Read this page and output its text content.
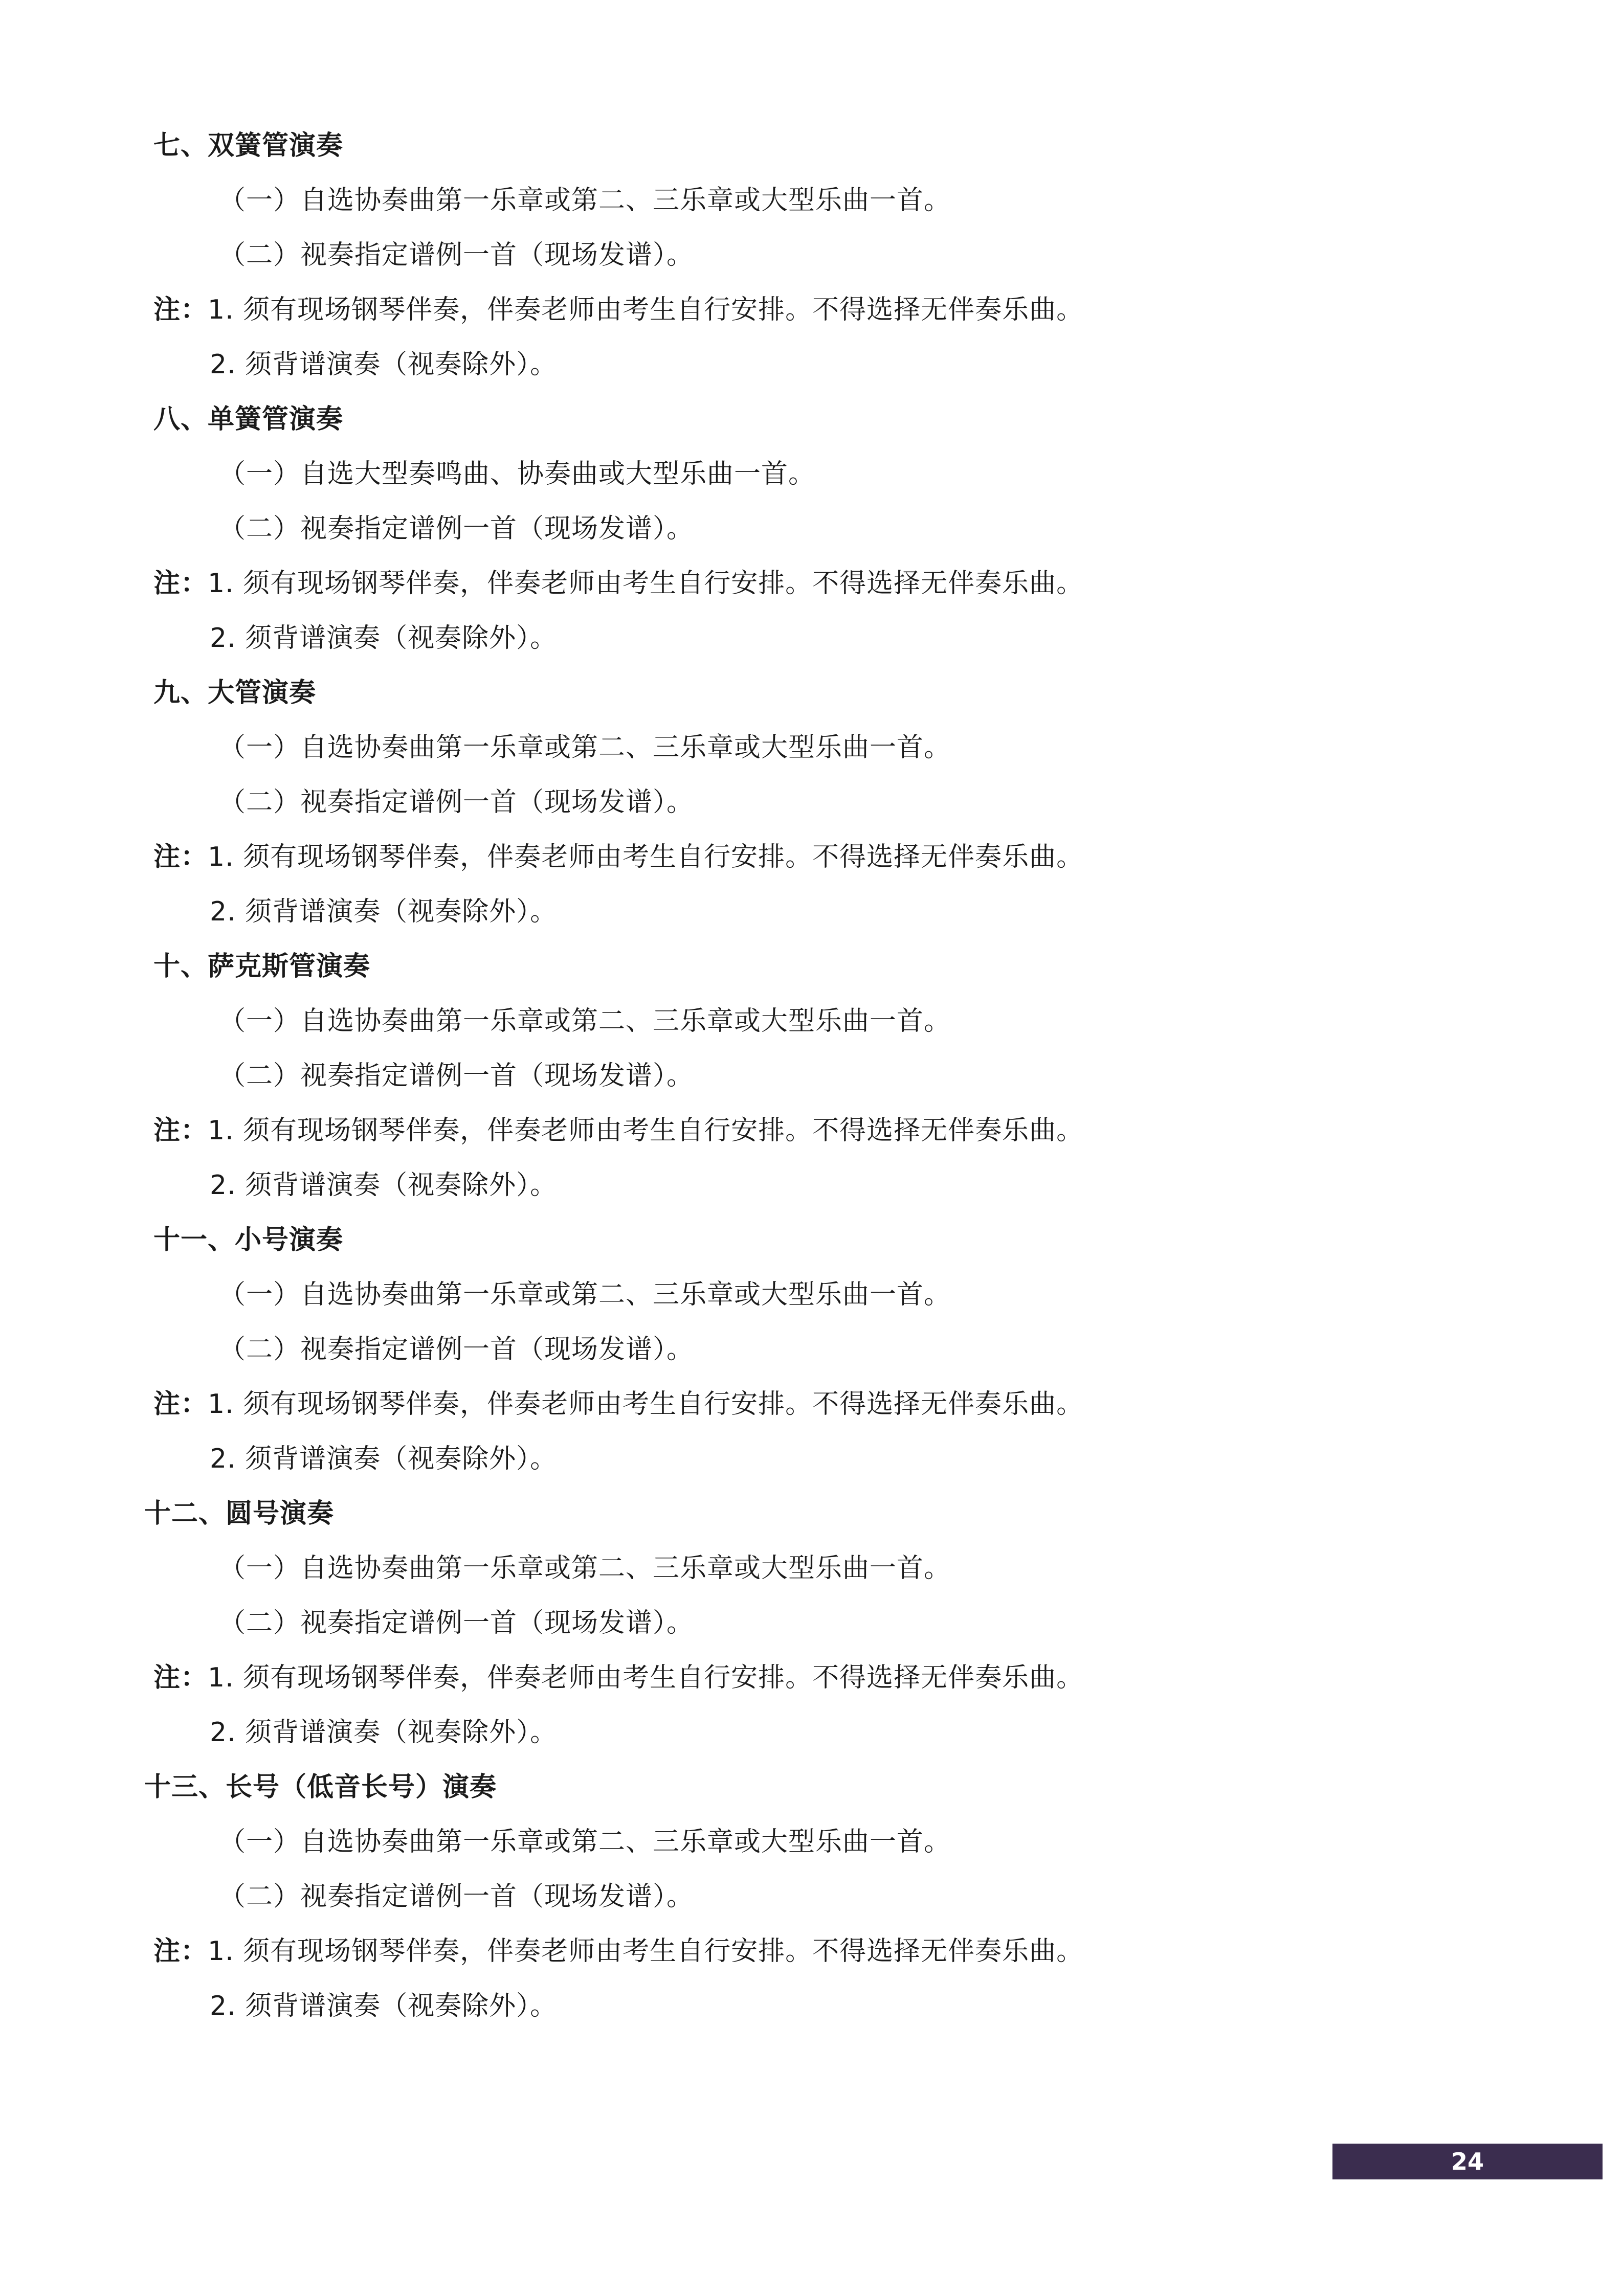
七、双簧管演奏
（一）自选协奏曲第一乐章或第二、三乐章或大型乐曲一首。
（二）视奏指定谱例一首（现场发谱）。
注：1. 须有现场钢琴伴奏，伴奏老师由考生自行安排。不得选择无伴奏乐曲。
2. 须背谱演奏（视奏除外）。
八、单簧管演奏
（一）自选大型奏鸣曲、协奏曲或大型乐曲一首。
（二）视奏指定谱例一首（现场发谱）。
注：1. 须有现场钢琴伴奏，伴奏老师由考生自行安排。不得选择无伴奏乐曲。
2. 须背谱演奏（视奏除外）。
九、大管演奏
（一）自选协奏曲第一乐章或第二、三乐章或大型乐曲一首。
（二）视奏指定谱例一首（现场发谱）。
注：1. 须有现场钢琴伴奏，伴奏老师由考生自行安排。不得选择无伴奏乐曲。
2. 须背谱演奏（视奏除外）。
十、萨克斯管演奏
（一）自选协奏曲第一乐章或第二、三乐章或大型乐曲一首。
（二）视奏指定谱例一首（现场发谱）。
注：1. 须有现场钢琴伴奏，伴奏老师由考生自行安排。不得选择无伴奏乐曲。
2. 须背谱演奏（视奏除外）。
十一、小号演奏
（一）自选协奏曲第一乐章或第二、三乐章或大型乐曲一首。
（二）视奏指定谱例一首（现场发谱）。
注：1. 须有现场钢琴伴奏，伴奏老师由考生自行安排。不得选择无伴奏乐曲。
2. 须背谱演奏（视奏除外）。
十二、圆号演奏
（一）自选协奏曲第一乐章或第二、三乐章或大型乐曲一首。
（二）视奏指定谱例一首（现场发谱）。
注：1. 须有现场钢琴伴奏，伴奏老师由考生自行安排。不得选择无伴奏乐曲。
2. 须背谱演奏（视奏除外）。
十三、长号（低音长号）演奏
（一）自选协奏曲第一乐章或第二、三乐章或大型乐曲一首。
（二）视奏指定谱例一首（现场发谱）。
注：1. 须有现场钢琴伴奏，伴奏老师由考生自行安排。不得选择无伴奏乐曲。
2. 须背谱演奏（视奏除外）。
24
